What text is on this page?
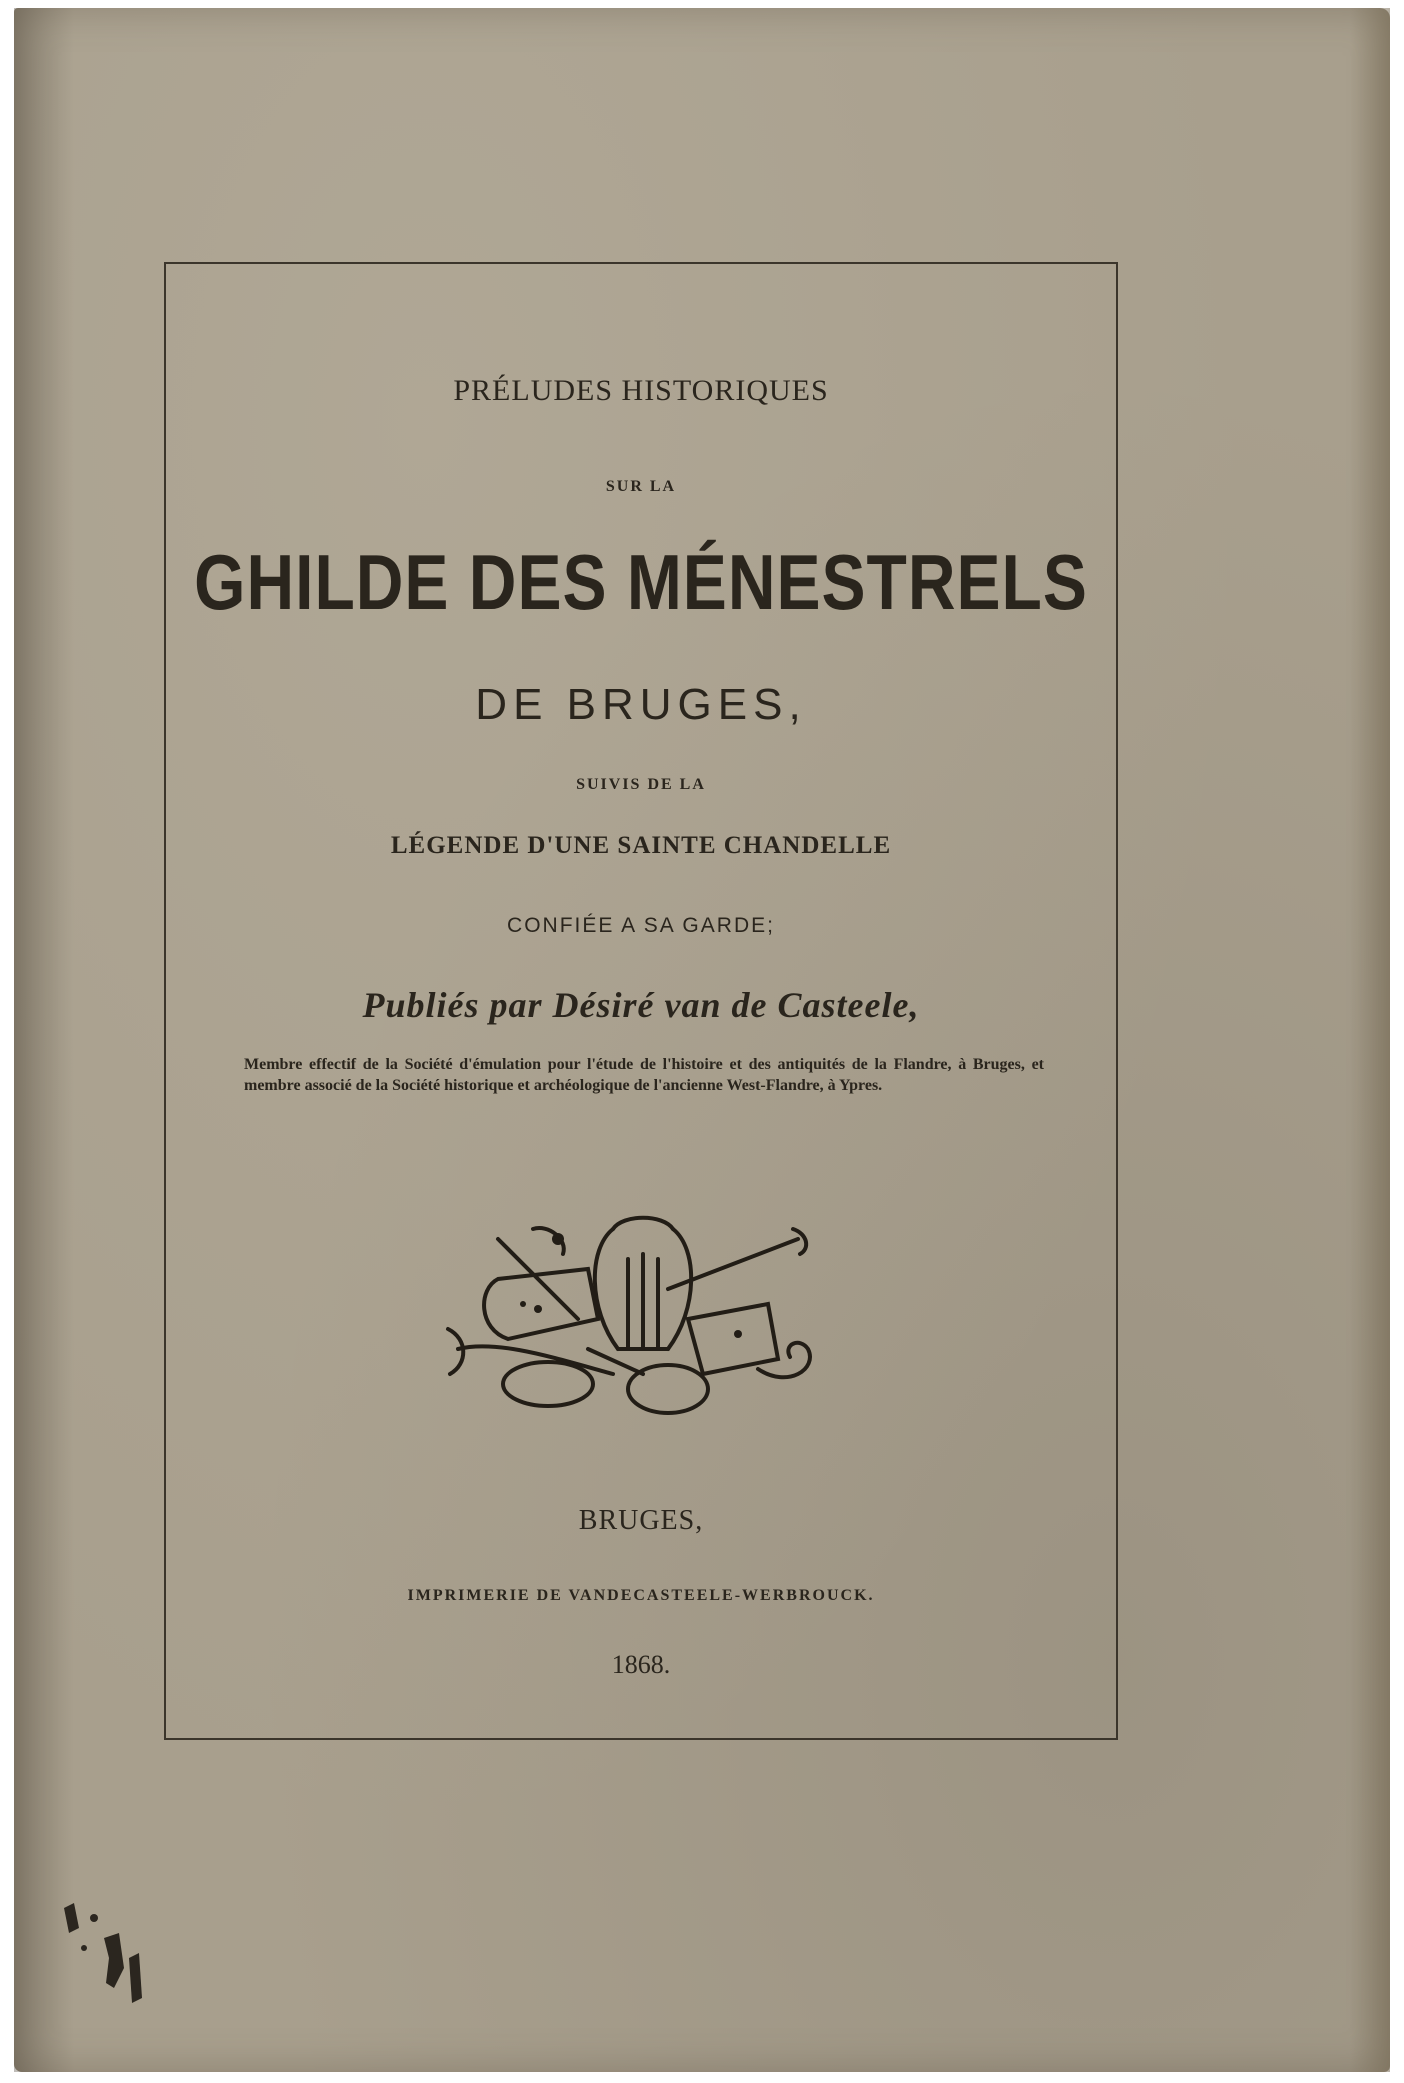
PRÉLUDES HISTORIQUES
SUR LA
GHILDE DES MÉNESTRELS
DE BRUGES,
SUIVIS DE LA
LÉGENDE D'UNE SAINTE CHANDELLE
CONFIÉE A SA GARDE;
Publiés par Désiré van de Casteele,
Membre effectif de la Société d'émulation pour l'étude de l'histoire et des antiquités de la Flandre, à Bruges, et membre associé de la Société historique et archéologique de l'ancienne West-Flandre, à Ypres.
BRUGES,
IMPRIMERIE DE VANDECASTEELE-WERBROUCK.
1868.
